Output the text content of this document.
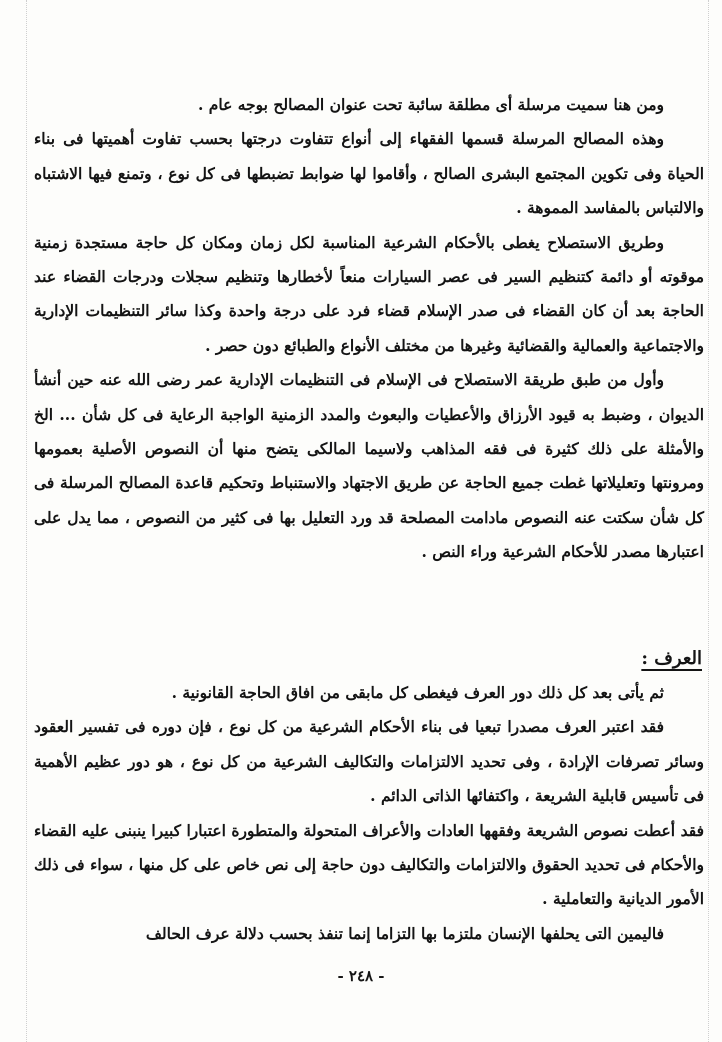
ومن هنا سميت مرسلة أى مطلقة سائبة تحت عنوان المصالح بوجه عام .

وهذه المصالح المرسلة قسمها الفقهاء إلى أنواع تتفاوت درجتها بحسب تفاوت أهميتها فى بناء الحياة وفى تكوين المجتمع البشرى الصالح ، وأقاموا لها ضوابط تضبطها فى كل نوع ، وتمنع فيها الاشتباه والالتباس بالمفاسد المموهة .

وطريق الاستصلاح يغطى بالأحكام الشرعية المناسبة لكل زمان ومكان كل حاجة مستجدة زمنية موقوته أو دائمة كتنظيم السير فى عصر السيارات منعاً لأخطارها وتنظيم سجلات ودرجات القضاء عند الحاجة بعد أن كان القضاء فى صدر الإسلام قضاء فرد على درجة واحدة وكذا سائر التنظيمات الإدارية والاجتماعية والعمالية والقضائية وغيرها من مختلف الأنواع والطبائع دون حصر .

وأول من طبق طريقة الاستصلاح فى الإسلام فى التنظيمات الإدارية عمر رضى الله عنه حين أنشأ الديوان ، وضبط به قيود الأرزاق والأعطيات والبعوث والمدد الزمنية الواجبة الرعاية فى كل شأن ... الخ والأمثلة على ذلك كثيرة فى فقه المذاهب ولاسيما المالكى يتضح منها أن النصوص الأصلية بعمومها ومرونتها وتعليلاتها غطت جميع الحاجة عن طريق الاجتهاد والاستنباط وتحكيم قاعدة المصالح المرسلة فى كل شأن سكتت عنه النصوص مادامت المصلحة قد ورد التعليل بها فى كثير من النصوص ، مما يدل على اعتبارها مصدر للأحكام الشرعية وراء النص .

العرف :

ثم يأتى بعد كل ذلك دور العرف فيغطى كل مابقى من افاق الحاجة القانونية .

فقد اعتبر العرف مصدرا تبعيا فى بناء الأحكام الشرعية من كل نوع ، فإن دوره فى تفسير العقود وسائر تصرفات الإرادة ، وفى تحديد الالتزامات والتكاليف الشرعية من كل نوع ، هو دور عظيم الأهمية فى تأسيس قابلية الشريعة ، واكتفائها الذاتى الدائم .

فقد أعطت نصوص الشريعة وفقهها العادات والأعراف المتحولة والمتطورة اعتبارا كبيرا ينبنى عليه القضاء والأحكام فى تحديد الحقوق والالتزامات والتكاليف دون حاجة إلى نص خاص على كل منها ، سواء فى ذلك الأمور الديانية والتعاملية .

فاليمين التى يحلفها الإنسان ملتزما بها التزاما إنما تنفذ بحسب دلالة عرف الحالف

- ٢٤٨ -
